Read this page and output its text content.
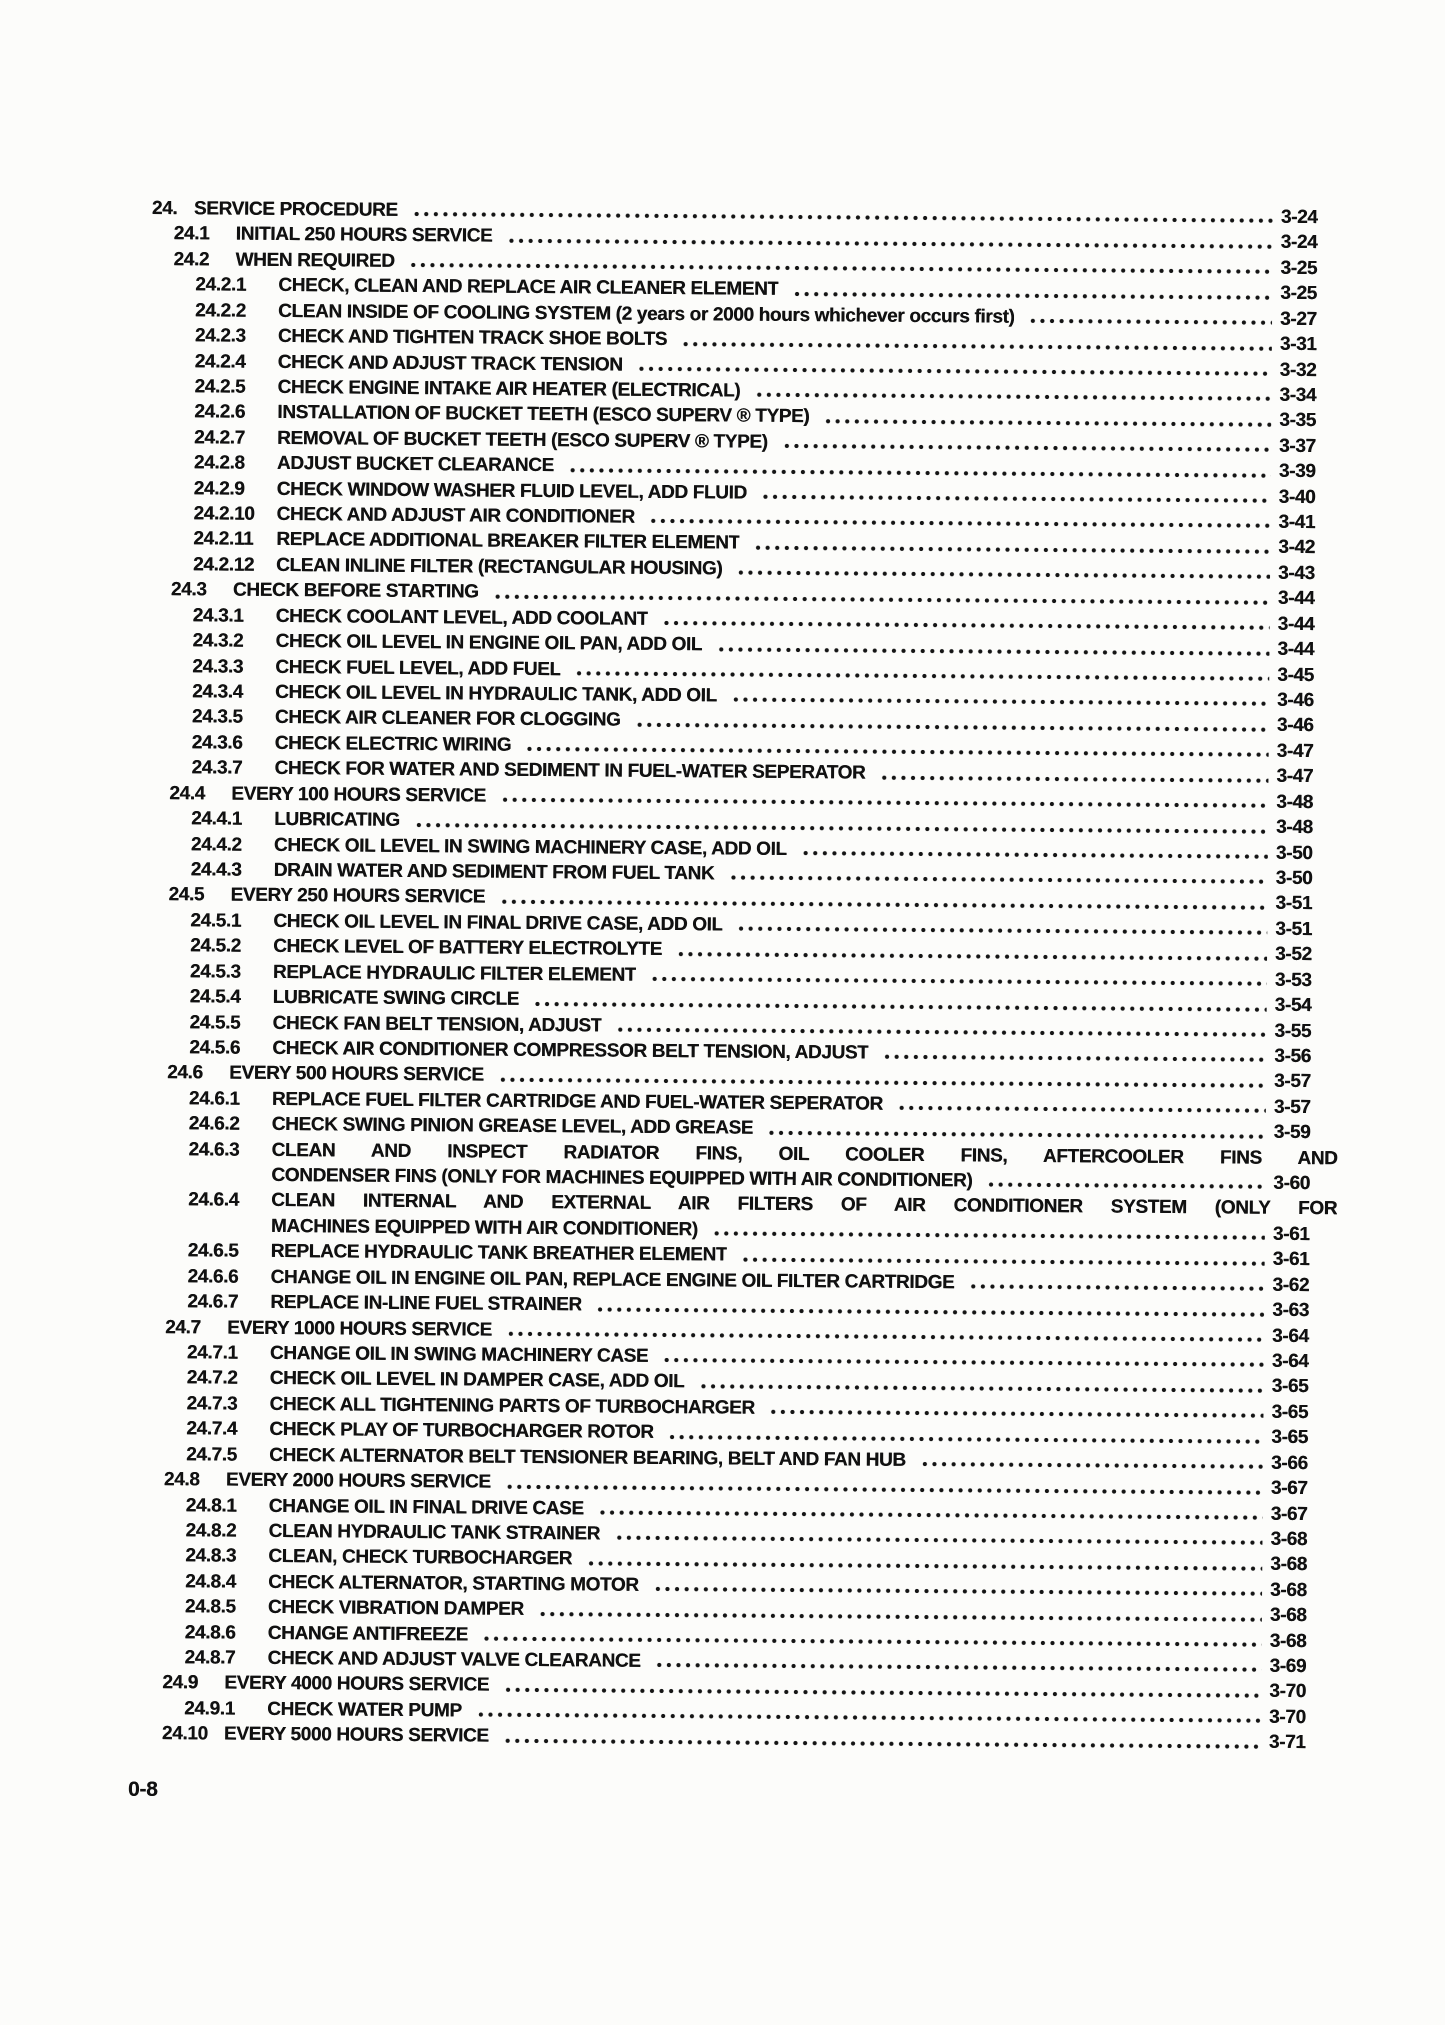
24. SERVICE PROCEDURE	3-24
24.1	INITIAL 250 HOURS SERVICE	3-24
24.2	WHEN REQUIRED	3-25
24.2.1	CHECK, CLEAN AND REPLACE AIR CLEANER ELEMENT	3-25
24.2.2	CLEAN INSIDE OF COOLING SYSTEM (2 years or 2000 hours whichever occurs first)	3-27
24.2.3	CHECK AND TIGHTEN TRACK SHOE BOLTS	3-31
24.2.4	CHECK AND ADJUST TRACK TENSION	3-32
24.2.5	CHECK ENGINE INTAKE AIR HEATER (ELECTRICAL)	3-34
24.2.6	INSTALLATION OF BUCKET TEETH (ESCO SUPERV ® TYPE)	3-35
24.2.7	REMOVAL OF BUCKET TEETH (ESCO SUPERV ® TYPE)	3-37
24.2.8	ADJUST BUCKET CLEARANCE	3-39
24.2.9	CHECK WINDOW WASHER FLUID LEVEL, ADD FLUID	3-40
24.2.10	CHECK AND ADJUST AIR CONDITIONER	3-41
24.2.11	REPLACE ADDITIONAL BREAKER FILTER ELEMENT	3-42
24.2.12	CLEAN INLINE FILTER (RECTANGULAR HOUSING)	3-43
24.3	CHECK BEFORE STARTING	3-44
24.3.1	CHECK COOLANT LEVEL, ADD COOLANT	3-44
24.3.2	CHECK OIL LEVEL IN ENGINE OIL PAN, ADD OIL	3-44
24.3.3	CHECK FUEL LEVEL, ADD FUEL	3-45
24.3.4	CHECK OIL LEVEL IN HYDRAULIC TANK, ADD OIL	3-46
24.3.5	CHECK AIR CLEANER FOR CLOGGING	3-46
24.3.6	CHECK ELECTRIC WIRING	3-47
24.3.7	CHECK FOR WATER AND SEDIMENT IN FUEL-WATER SEPERATOR	3-47
24.4	EVERY 100 HOURS SERVICE	3-48
24.4.1	LUBRICATING	3-48
24.4.2	CHECK OIL LEVEL IN SWING MACHINERY CASE, ADD OIL	3-50
24.4.3	DRAIN WATER AND SEDIMENT FROM FUEL TANK	3-50
24.5	EVERY 250 HOURS SERVICE	3-51
24.5.1	CHECK OIL LEVEL IN FINAL DRIVE CASE, ADD OIL	3-51
24.5.2	CHECK LEVEL OF BATTERY ELECTROLYTE	3-52
24.5.3	REPLACE HYDRAULIC FILTER ELEMENT	3-53
24.5.4	LUBRICATE SWING CIRCLE	3-54
24.5.5	CHECK FAN BELT TENSION, ADJUST	3-55
24.5.6	CHECK AIR CONDITIONER COMPRESSOR BELT TENSION, ADJUST	3-56
24.6	EVERY 500 HOURS SERVICE	3-57
24.6.1	REPLACE FUEL FILTER CARTRIDGE AND FUEL-WATER SEPERATOR	3-57
24.6.2	CHECK SWING PINION GREASE LEVEL, ADD GREASE	3-59
24.6.3	CLEAN AND INSPECT RADIATOR FINS, OIL COOLER FINS, AFTERCOOLER FINS AND
CONDENSER FINS (ONLY FOR MACHINES EQUIPPED WITH AIR CONDITIONER)	3-60
24.6.4	CLEAN INTERNAL AND EXTERNAL AIR FILTERS OF AIR CONDITIONER SYSTEM (ONLY FOR
MACHINES EQUIPPED WITH AIR CONDITIONER)	3-61
24.6.5	REPLACE HYDRAULIC TANK BREATHER ELEMENT	3-61
24.6.6	CHANGE OIL IN ENGINE OIL PAN, REPLACE ENGINE OIL FILTER CARTRIDGE	3-62
24.6.7	REPLACE IN-LINE FUEL STRAINER	3-63
24.7	EVERY 1000 HOURS SERVICE	3-64
24.7.1	CHANGE OIL IN SWING MACHINERY CASE	3-64
24.7.2	CHECK OIL LEVEL IN DAMPER CASE, ADD OIL	3-65
24.7.3	CHECK ALL TIGHTENING PARTS OF TURBOCHARGER	3-65
24.7.4	CHECK PLAY OF TURBOCHARGER ROTOR	3-65
24.7.5	CHECK ALTERNATOR BELT TENSIONER BEARING, BELT AND FAN HUB	3-66
24.8	EVERY 2000 HOURS SERVICE	3-67
24.8.1	CHANGE OIL IN FINAL DRIVE CASE	3-67
24.8.2	CLEAN HYDRAULIC TANK STRAINER	3-68
24.8.3	CLEAN, CHECK TURBOCHARGER	3-68
24.8.4	CHECK ALTERNATOR, STARTING MOTOR	3-68
24.8.5	CHECK VIBRATION DAMPER	3-68
24.8.6	CHANGE ANTIFREEZE	3-68
24.8.7	CHECK AND ADJUST VALVE CLEARANCE	3-69
24.9	EVERY 4000 HOURS SERVICE	3-70
24.9.1	CHECK WATER PUMP	3-70
24.10 EVERY 5000 HOURS SERVICE	3-71
0-8
